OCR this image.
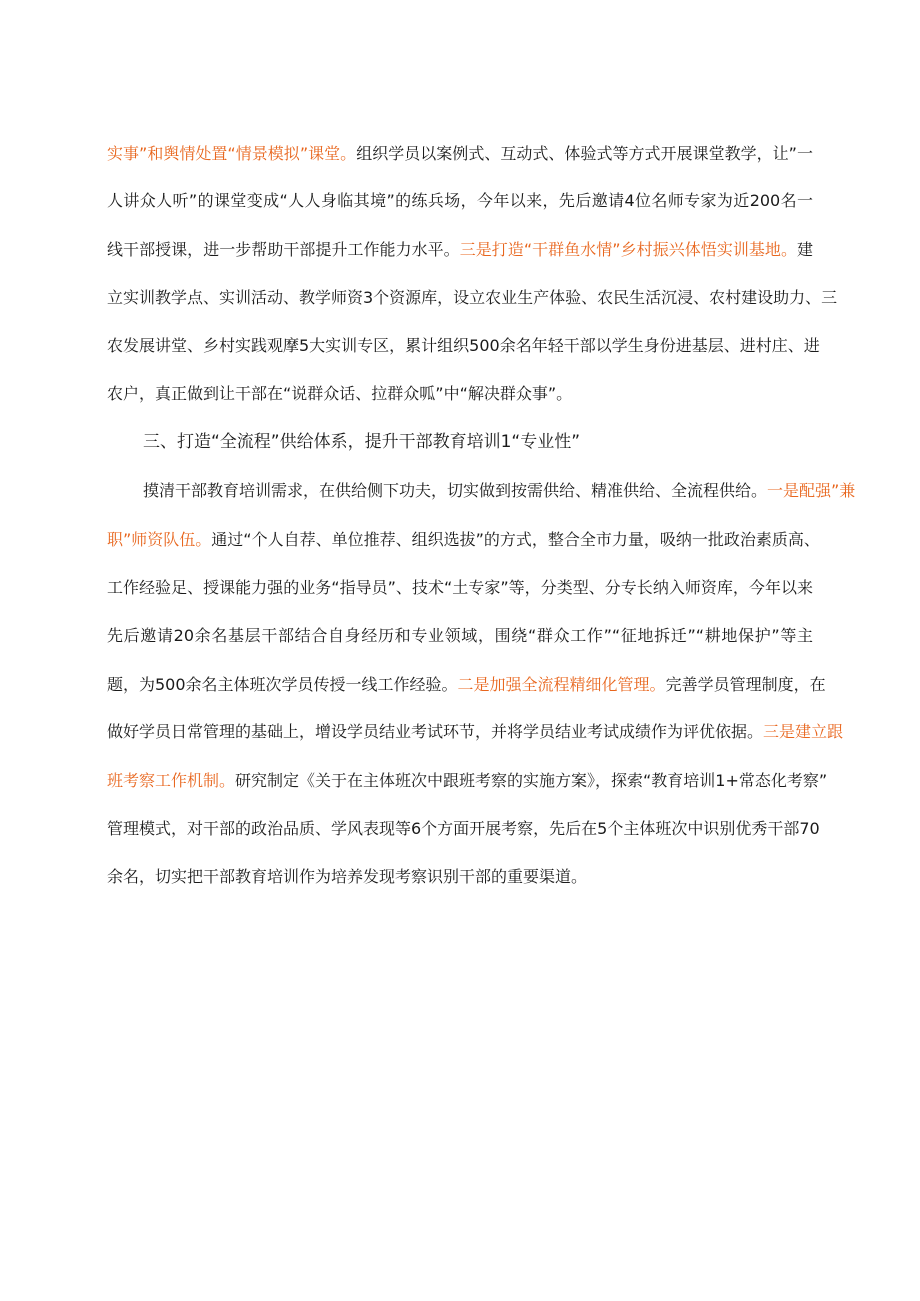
实事”和舆情处置“情景模拟”课堂。组织学员以案例式、互动式、体验式等方式开展课堂教学，让”一
人讲众人听”的课堂变成“人人身临其境”的练兵场，今年以来，先后邀请4位名师专家为近200名一
线干部授课，进一步帮助干部提升工作能力水平。三是打造“干群鱼水情”乡村振兴体悟实训基地。建
立实训教学点、实训活动、教学师资3个资源库，设立农业生产体验、农民生活沉浸、农村建设助力、三
农发展讲堂、乡村实践观摩5大实训专区，累计组织500余名年轻干部以学生身份进基层、进村庄、进
农户，真正做到让干部在“说群众话、拉群众呱”中“解决群众事”。
三、打造“全流程”供给体系，提升干部教育培训1“专业性”
摸清干部教育培训需求，在供给侧下功夫，切实做到按需供给、精准供给、全流程供给。一是配强”兼
职”师资队伍。通过“个人自荐、单位推荐、组织选拔”的方式，整合全市力量，吸纳一批政治素质高、
工作经验足、授课能力强的业务“指导员”、技术“土专家”等，分类型、分专长纳入师资库，今年以来
先后邀请20余名基层干部结合自身经历和专业领域，围绕“群众工作”“征地拆迁”“耕地保护”等主
题，为500余名主体班次学员传授一线工作经验。二是加强全流程精细化管理。完善学员管理制度，在
做好学员日常管理的基础上，增设学员结业考试环节，并将学员结业考试成绩作为评优依据。三是建立跟
班考察工作机制。研究制定《关于在主体班次中跟班考察的实施方案》，探索“教育培训1+常态化考察”
管理模式，对干部的政治品质、学风表现等6个方面开展考察，先后在5个主体班次中识别优秀干部70
余名，切实把干部教育培训作为培养发现考察识别干部的重要渠道。
